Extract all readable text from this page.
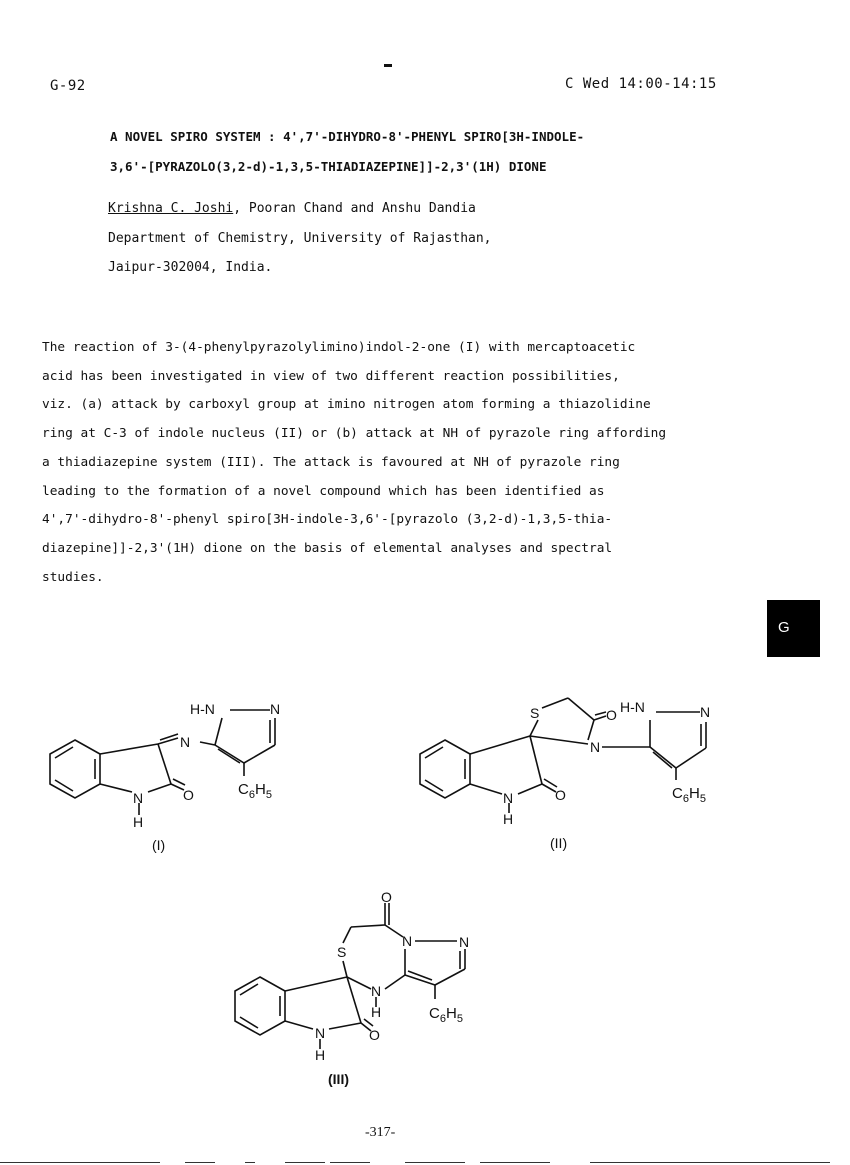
G-92	C Wed 14:00-14:15
A NOVEL SPIRO SYSTEM : 4',7'-DIHYDRO-8'-PHENYL SPIRO[3H-INDOLE-
3,6'-[PYRAZOLO(3,2-d)-1,3,5-THIADIAZEPINE]]-2,3'(1H) DIONE
Krishna C. Joshi, Pooran Chand and Anshu Dandia
Department of Chemistry, University of Rajasthan,
Jaipur-302004, India.
The reaction of 3-(4-phenylpyrazolylimino)indol-2-one (I) with mercaptoacetic
acid has been investigated in view of two different reaction possibilities,
viz. (a) attack by carboxyl group at imino nitrogen atom forming a thiazolidine
ring at C-3 of indole nucleus (II) or (b) attack at NH of pyrazole ring affording
a thiadiazepine system (III). The attack is favoured at NH of pyrazole ring
leading to the formation of a novel compound which has been identified as
4',7'-dihydro-8'-phenyl spiro[3H-indole-3,6'-[pyrazolo (3,2-d)-1,3,5-thia-
diazepine]]-2,3'(1H) dione on the basis of elemental analyses and spectral
studies.
G
H-N	N
N
N
H
O	$C_6H_5$
(I)
S	O H-N	N
N
N
H
O	$C_6H_5$
(II)
O
N	N
S
N
H
N
H
O
$C_6H_5$
(III)
-317-
